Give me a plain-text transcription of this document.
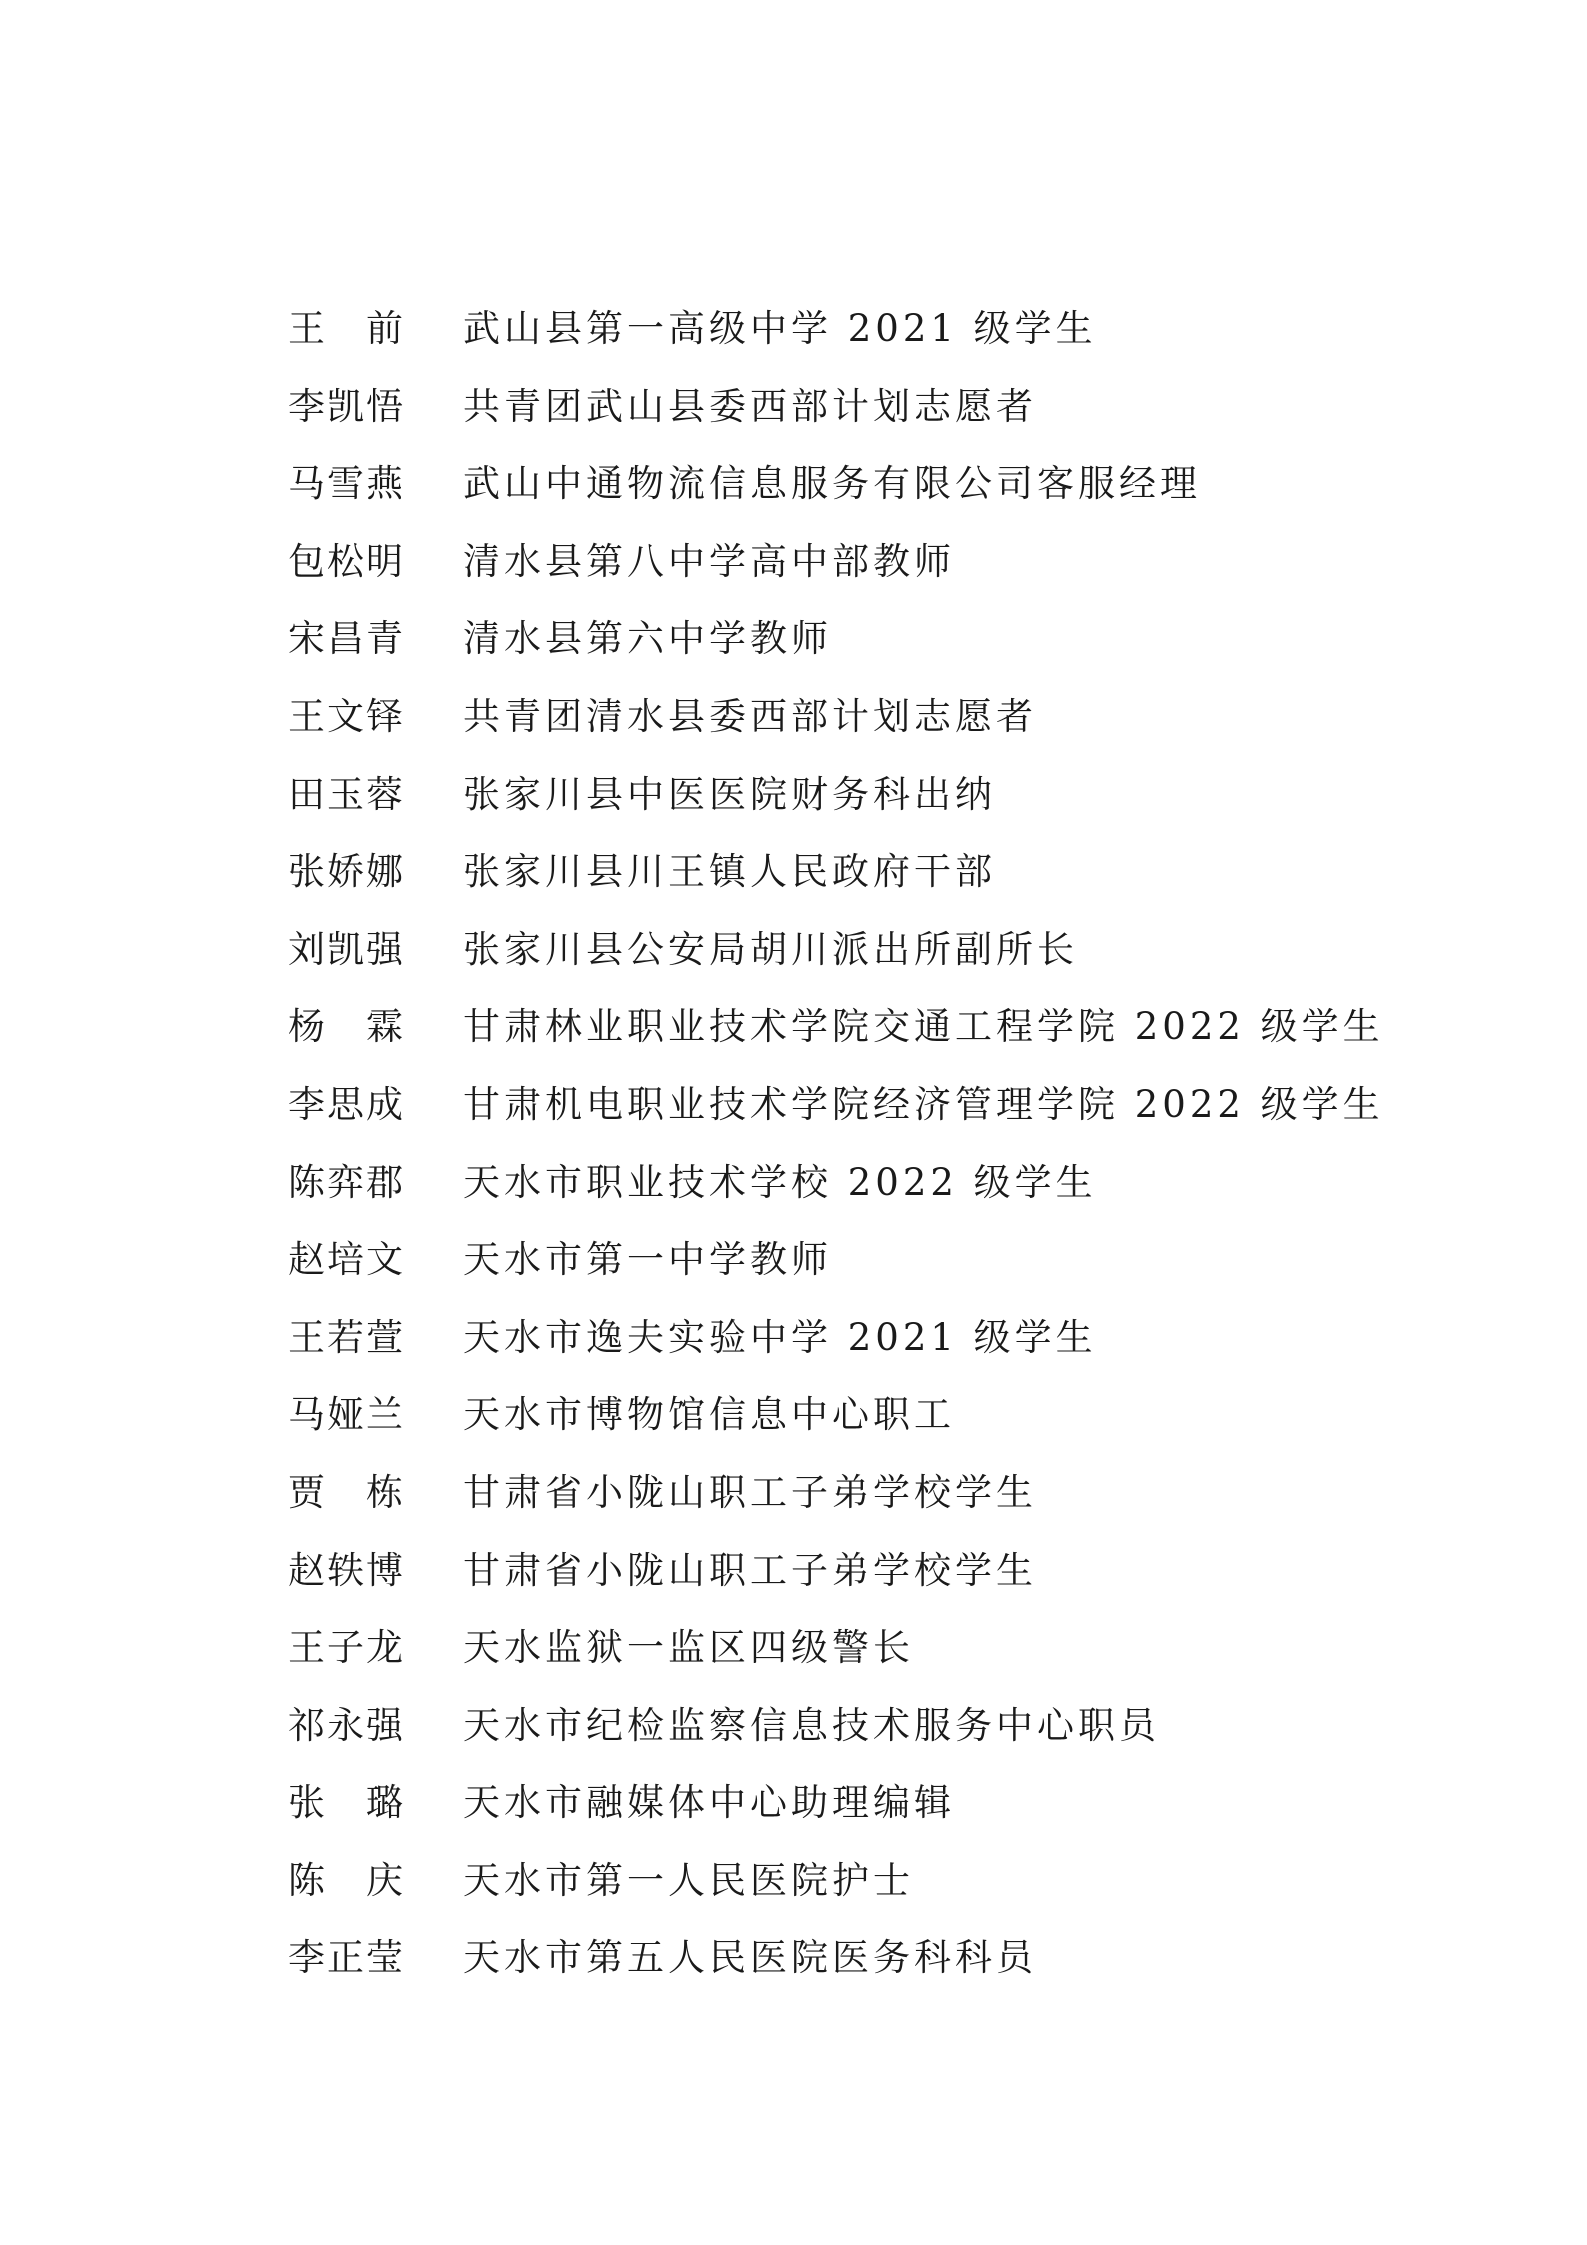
王　前	武山县第一高级中学 2021 级学生
李凯悟	共青团武山县委西部计划志愿者
马雪燕	武山中通物流信息服务有限公司客服经理
包松明	清水县第八中学高中部教师
宋昌青	清水县第六中学教师
王文铎	共青团清水县委西部计划志愿者
田玉蓉	张家川县中医医院财务科出纳
张娇娜	张家川县川王镇人民政府干部
刘凯强	张家川县公安局胡川派出所副所长
杨　霖	甘肃林业职业技术学院交通工程学院 2022 级学生
李思成	甘肃机电职业技术学院经济管理学院 2022 级学生
陈弈郡	天水市职业技术学校 2022 级学生
赵培文	天水市第一中学教师
王若萱	天水市逸夫实验中学 2021 级学生
马娅兰	天水市博物馆信息中心职工
贾　栋	甘肃省小陇山职工子弟学校学生
赵轶博	甘肃省小陇山职工子弟学校学生
王子龙	天水监狱一监区四级警长
祁永强	天水市纪检监察信息技术服务中心职员
张　璐	天水市融媒体中心助理编辑
陈　庆	天水市第一人民医院护士
李正莹	天水市第五人民医院医务科科员
